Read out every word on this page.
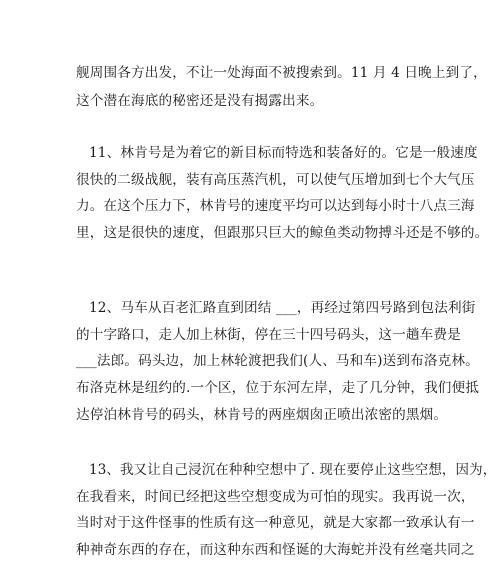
舰周围各方出发，不让一处海面不被搜索到。11 月 4 日晚上到了，
这个潜在海底的秘密还是没有揭露出来。
11、林肯号是为着它的新目标而特选和装备好的。它是一般速度
很快的二级战舰，装有高压蒸汽机，可以使气压增加到七个大气压
力。在这个压力下，林肯号的速度平均可以达到每小时十八点三海
里，这是很快的速度，但跟那只巨大的鲸鱼类动物搏斗还是不够的。
12、马车从百老汇路直到团结 ___，再经过第四号路到包法利街
的十字路口，走人加上林街，停在三十四号码头，这一趟车费是
___法郎。码头边，加上林轮渡把我们(人、马和车)送到布洛克林。
布洛克林是纽约的.一个区，位于东河左岸，走了几分钟，我们便抵
达停泊林肯号的码头，林肯号的两座烟囱正喷出浓密的黑烟。
13、我又让自己浸沉在种种空想中了. 现在要停止这些空想，因为，
在我看来，时间已经把这些空想变成为可怕的现实。我再说一次，
当时对于这件怪事的性质有这一种意见，就是大家都一致承认有一
种神奇东西的存在，而这种东西和怪诞的大海蛇并没有丝毫共同之
